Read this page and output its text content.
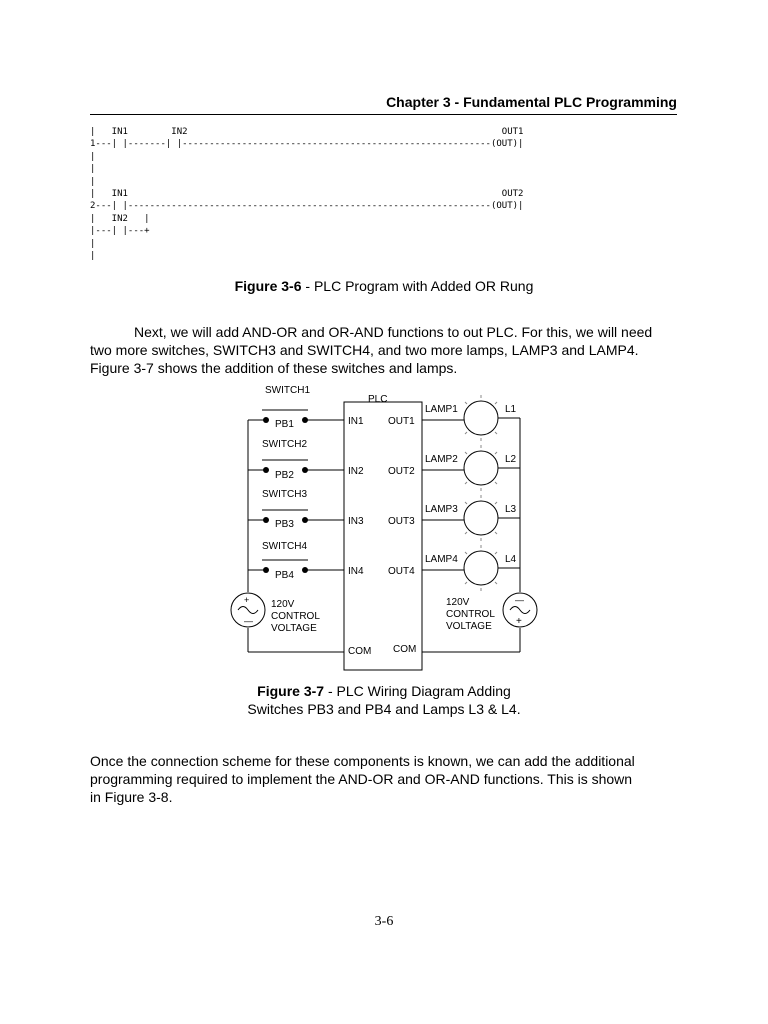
Chapter 3 - Fundamental PLC Programming
|   IN1        IN2                                                          OUT1
1---| |-------| |---------------------------------------------------------(OUT)|
|
|
|
|   IN1                                                                     OUT2
2---| |-------------------------------------------------------------------(OUT)|
|   IN2   |
|---| |---+
|
|
Figure 3-6 - PLC Program with Added OR Rung
Next, we will add AND-OR and OR-AND functions to out PLC. For this, we will need
two more switches, SWITCH3 and SWITCH4, and two more lamps, LAMP3 and LAMP4.
Figure 3-7 shows the addition of these switches and lamps.
+
—
—
+
PLC
SWITCH1
PB1
SWITCH2
PB2
SWITCH3
PB3
SWITCH4
PB4
IN1
IN2
IN3
IN4
OUT1
OUT2
OUT3
OUT4
LAMP1	L1
LAMP2	L2
LAMP3	L3
LAMP4	L4
120V
CONTROL
VOLTAGE
120V
CONTROL
VOLTAGE
COM COM
Figure 3-7 - PLC Wiring Diagram Adding
Switches PB3 and PB4 and Lamps L3 & L4.
Once the connection scheme for these components is known, we can add the additional
programming required to implement the AND-OR and OR-AND functions. This is shown
in Figure 3-8.
3-6
